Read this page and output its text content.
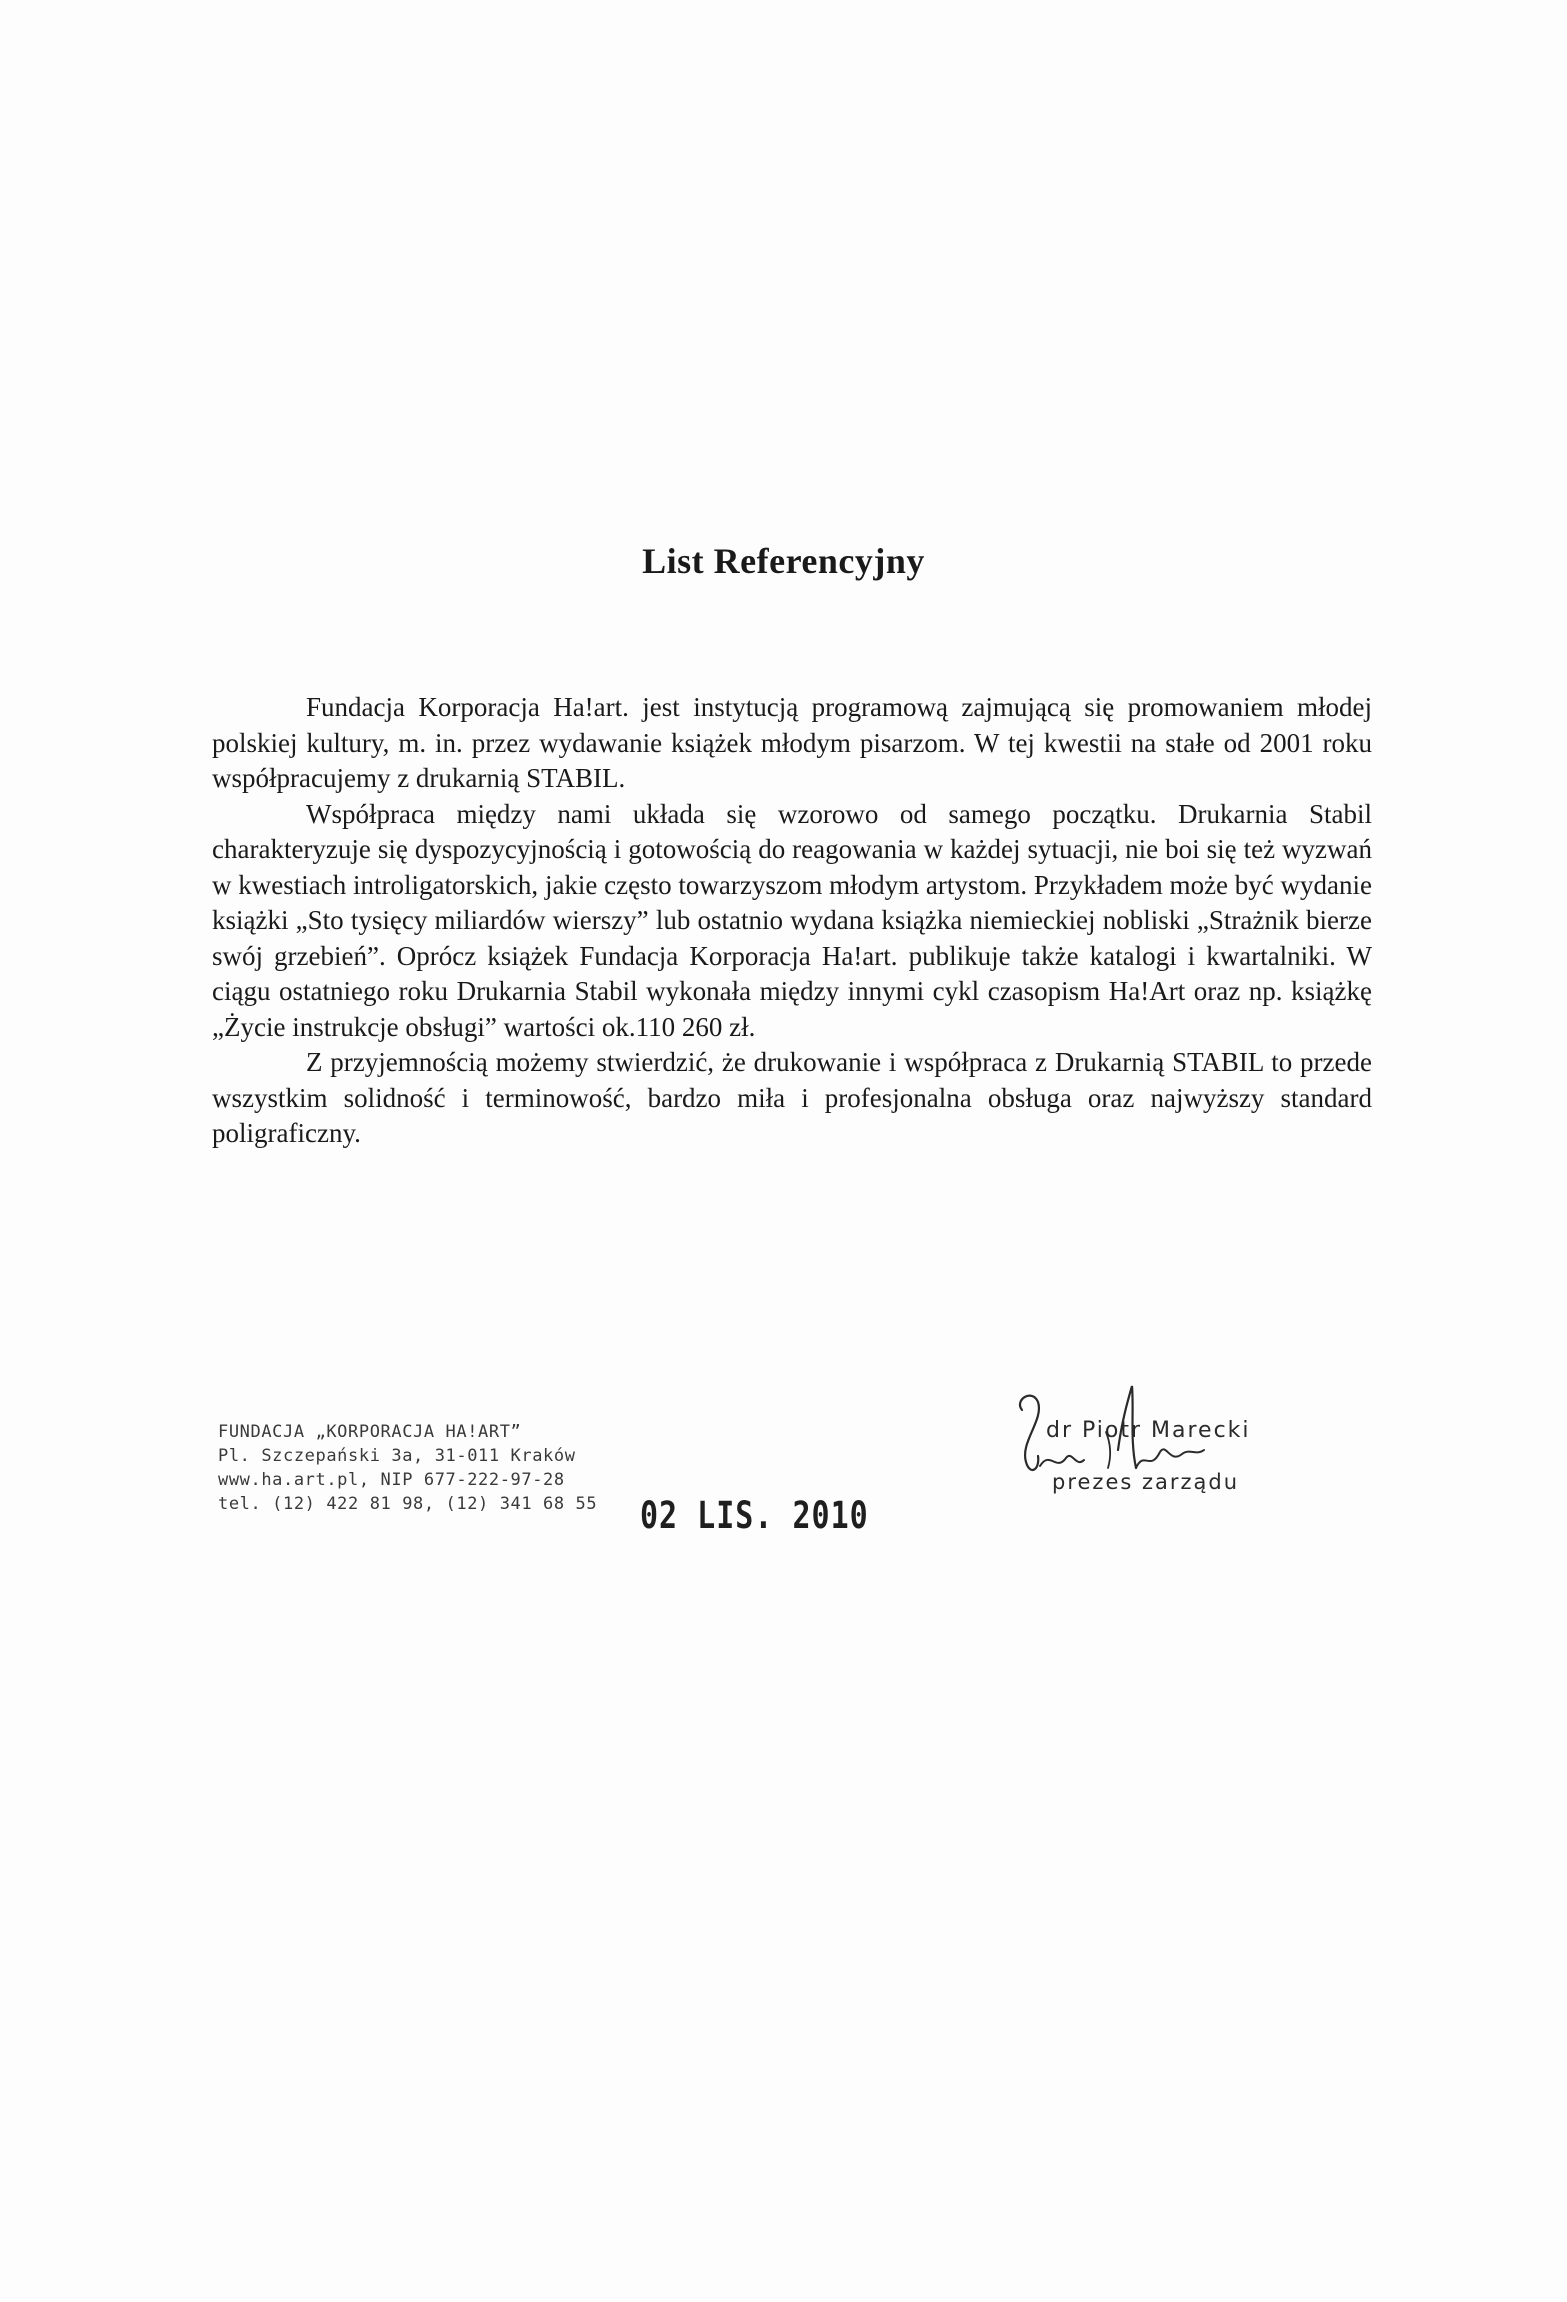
List Referencyjny

Fundacja Korporacja Ha!art. jest instytucją programową zajmującą się promowaniem młodej polskiej kultury, m. in. przez wydawanie książek młodym pisarzom. W tej kwestii na stałe od 2001 roku współpracujemy z drukarnią STABIL.

Współpraca między nami układa się wzorowo od samego początku. Drukarnia Stabil charakteryzuje się dyspozycyjnością i gotowością do reagowania w każdej sytuacji, nie boi się też wyzwań w kwestiach introligatorskich, jakie często towarzyszom młodym artystom. Przykładem może być wydanie książki „Sto tysięcy miliardów wierszy” lub ostatnio wydana książka niemieckiej nobliski „Strażnik bierze swój grzebień”. Oprócz książek Fundacja Korporacja Ha!art. publikuje także katalogi i kwartalniki. W ciągu ostatniego roku Drukarnia Stabil wykonała między innymi cykl czasopism Ha!Art oraz np. książkę „Życie instrukcje obsługi” wartości ok.110 260 zł.

Z przyjemnością możemy stwierdzić, że drukowanie i współpraca z Drukarnią STABIL to przede wszystkim solidność i terminowość, bardzo miła i profesjonalna obsługa oraz najwyższy standard poligraficzny.

FUNDACJA „KORPORACJA HA!ART”
Pl. Szczepański 3a, 31-011 Kraków
www.ha.art.pl, NIP 677-222-97-28
tel. (12) 422 81 98, (12) 341 68 55 02 LIS. 2010
dr Piotr Marecki
prezes zarządu
